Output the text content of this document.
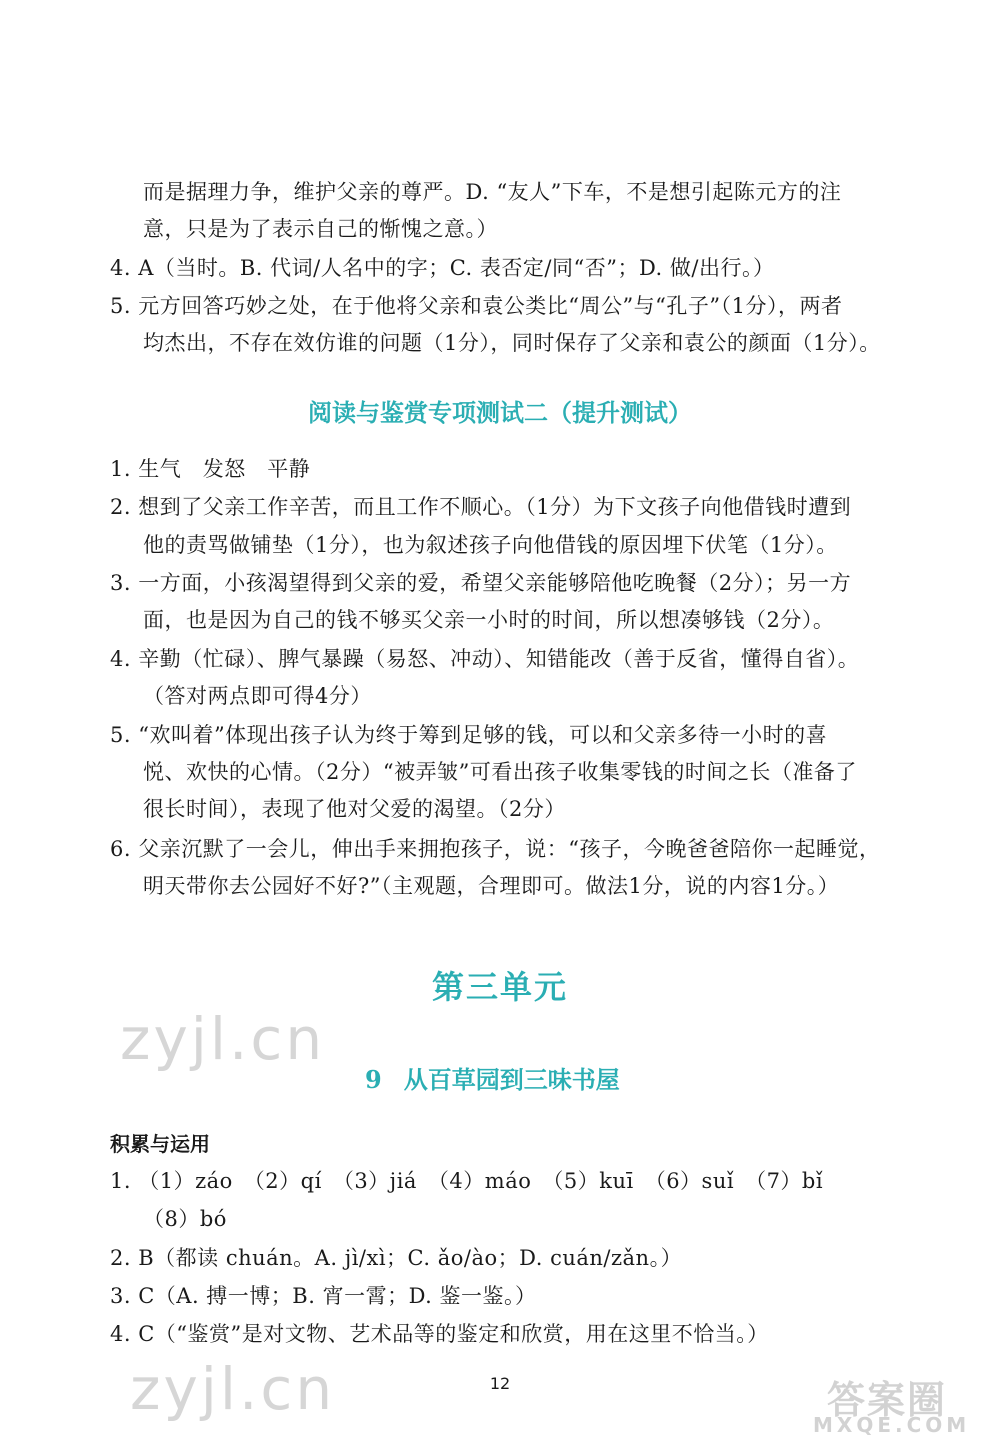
zyjl.cn
zyjl.cn	答案圈
MXQE.COM
而是据理力争，维护父亲的尊严。D. “友人”下车，不是想引起陈元方的注
意，只是为了表示自己的惭愧之意。）
4. A（当时。B. 代词/人名中的字；C. 表否定/同“否”；D. 做/出行。）
5. 元方回答巧妙之处，在于他将父亲和袁公类比“周公”与“孔子”（1分），两者
均杰出，不存在效仿谁的问题（1分），同时保存了父亲和袁公的颜面（1分）。
阅读与鉴赏专项测试二（提升测试）
1. 生气　发怒　平静
2. 想到了父亲工作辛苦，而且工作不顺心。（1分）为下文孩子向他借钱时遭到
他的责骂做铺垫（1分），也为叙述孩子向他借钱的原因埋下伏笔（1分）。
3. 一方面，小孩渴望得到父亲的爱，希望父亲能够陪他吃晚餐（2分）；另一方
面，也是因为自己的钱不够买父亲一小时的时间，所以想凑够钱（2分）。
4. 辛勤（忙碌）、脾气暴躁（易怒、冲动）、知错能改（善于反省，懂得自省）。
（答对两点即可得4分）
5. “欢叫着”体现出孩子认为终于筹到足够的钱，可以和父亲多待一小时的喜
悦、欢快的心情。（2分）“被弄皱”可看出孩子收集零钱的时间之长（准备了
很长时间），表现了他对父爱的渴望。（2分）
6. 父亲沉默了一会儿，伸出手来拥抱孩子，说：“孩子，今晚爸爸陪你一起睡觉，
明天带你去公园好不好?”（主观题，合理即可。做法1分，说的内容1分。）
第三单元
9 从百草园到三味书屋
积累与运用
1. （1）záo　（2）qí　（3）jiá　（4）máo　（5）kuī　（6）suǐ　（7）bǐ
（8）bó
2. B（都读 chuán。A. jì/xì；C. ǎo/ào；D. cuán/zǎn。）
3. C（A. 搏一博；B. 宵一霄；D. 鉴一鉴。）
4. C（“鉴赏”是对文物、艺术品等的鉴定和欣赏，用在这里不恰当。）
12
